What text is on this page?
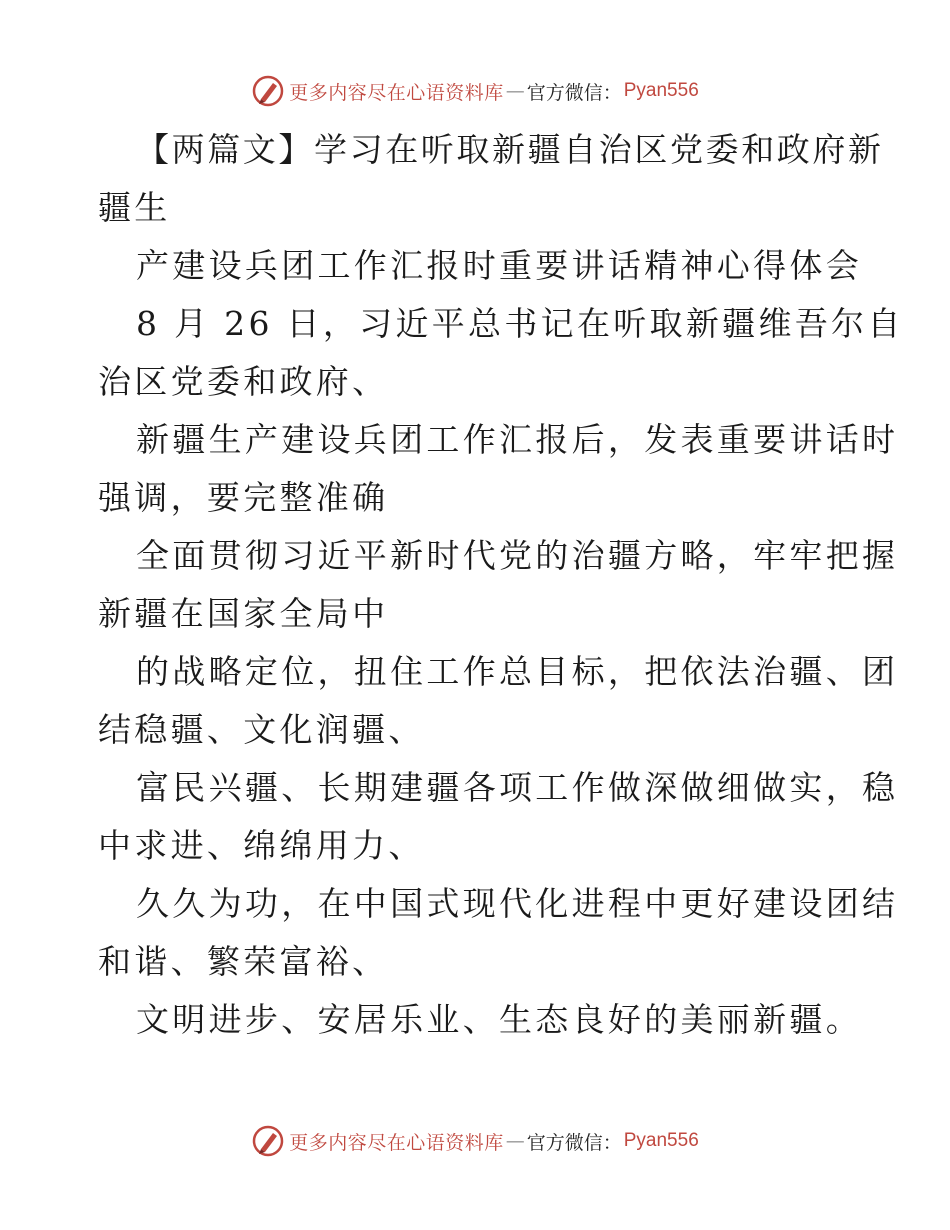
更多内容尽在心语资料库 — 官方微信： Pyan556
【两篇文】学习在听取新疆自治区党委和政府新
疆生
产建设兵团工作汇报时重要讲话精神心得体会
8 月 26 日，习近平总书记在听取新疆维吾尔自
治区党委和政府、
新疆生产建设兵团工作汇报后，发表重要讲话时
强调，要完整准确
全面贯彻习近平新时代党的治疆方略，牢牢把握
新疆在国家全局中
的战略定位，扭住工作总目标，把依法治疆、团
结稳疆、文化润疆、
富民兴疆、长期建疆各项工作做深做细做实，稳
中求进、绵绵用力、
久久为功，在中国式现代化进程中更好建设团结
和谐、繁荣富裕、
文明进步、安居乐业、生态良好的美丽新疆。
更多内容尽在心语资料库 — 官方微信： Pyan556
